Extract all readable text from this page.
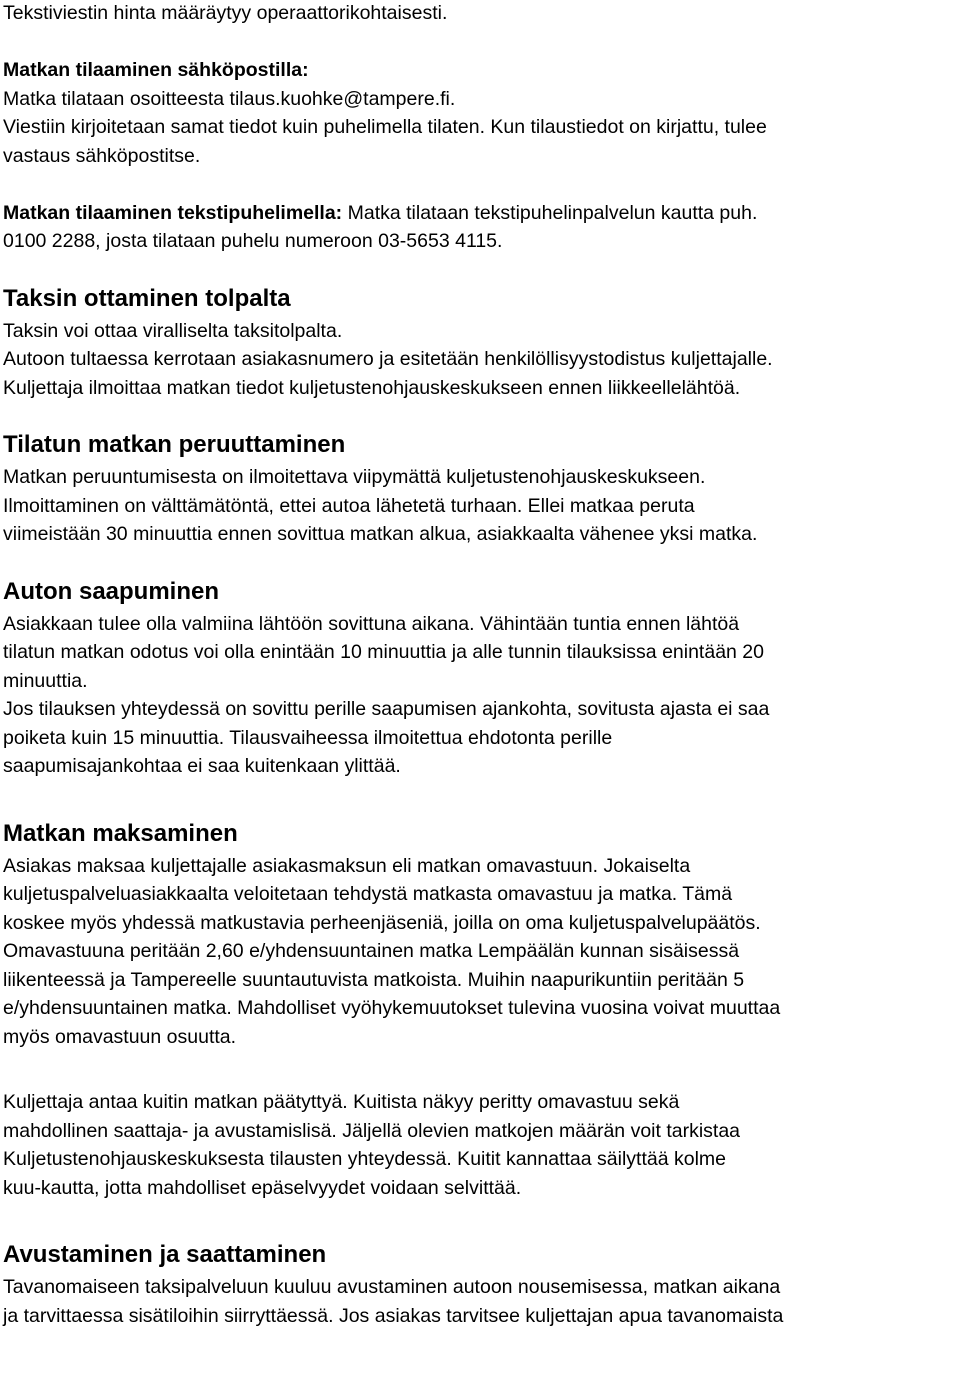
Tekstiviestin hinta määräytyy operaattorikohtaisesti.

Matkan tilaaminen sähköpostilla:

Matka tilataan osoitteesta tilaus.kuohke@tampere.fi.

Viestiin kirjoitetaan samat tiedot kuin puhelimella tilaten. Kun tilaustiedot on kirjattu, tulee

vastaus sähköpostitse.

Matkan tilaaminen tekstipuhelimella: Matka tilataan tekstipuhelinpalvelun kautta puh.

0100 2288, josta tilataan puhelu numeroon 03-5653 4115.

Taksin ottaminen tolpalta

Taksin voi ottaa viralliselta taksitolpalta.

Autoon tultaessa kerrotaan asiakasnumero ja esitetään henkilöllisyystodistus kuljettajalle.

Kuljettaja ilmoittaa matkan tiedot kuljetustenohjauskeskukseen ennen liikkeellelähtöä.

Tilatun matkan peruuttaminen

Matkan peruuntumisesta on ilmoitettava viipymättä kuljetustenohjauskeskukseen.

Ilmoittaminen on välttämätöntä, ettei autoa lähetetä turhaan. Ellei matkaa peruta

viimeistään 30 minuuttia ennen sovittua matkan alkua, asiakkaalta vähenee yksi matka.

Auton saapuminen

Asiakkaan tulee olla valmiina lähtöön sovittuna aikana. Vähintään tuntia ennen lähtöä

tilatun matkan odotus voi olla enintään 10 minuuttia ja alle tunnin tilauksissa enintään 20

minuuttia.

Jos tilauksen yhteydessä on sovittu perille saapumisen ajankohta, sovitusta ajasta ei saa

poiketa kuin 15 minuuttia. Tilausvaiheessa ilmoitettua ehdotonta perille

saapumisajankohtaa ei saa kuitenkaan ylittää.

Matkan maksaminen

Asiakas maksaa kuljettajalle asiakasmaksun eli matkan omavastuun. Jokaiselta

kuljetuspalveluasiakkaalta veloitetaan tehdystä matkasta omavastuu ja matka. Tämä

koskee myös yhdessä matkustavia perheenjäseniä, joilla on oma kuljetuspalvelupäätös.

Omavastuuna peritään 2,60 e/yhdensuuntainen matka Lempäälän kunnan sisäisessä

liikenteessä ja Tampereelle suuntautuvista matkoista. Muihin naapurikuntiin peritään 5

e/yhdensuuntainen matka. Mahdolliset vyöhykemuutokset tulevina vuosina voivat muuttaa

myös omavastuun osuutta.

Kuljettaja antaa kuitin matkan päätyttyä. Kuitista näkyy peritty omavastuu sekä

mahdollinen saattaja- ja avustamislisä. Jäljellä olevien matkojen määrän voit tarkistaa

Kuljetustenohjauskeskuksesta tilausten yhteydessä. Kuitit kannattaa säilyttää kolme

kuu-kautta, jotta mahdolliset epäselvyydet voidaan selvittää.

Avustaminen ja saattaminen

Tavanomaiseen taksipalveluun kuuluu avustaminen autoon nousemisessa, matkan aikana

ja tarvittaessa sisätiloihin siirryttäessä. Jos asiakas tarvitsee kuljettajan apua tavanomaista
